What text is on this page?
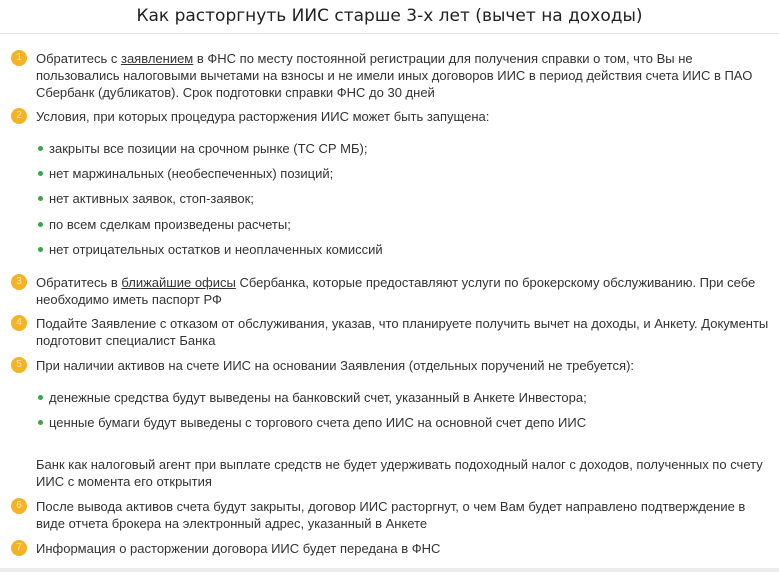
Как расторгнуть ИИС старше 3-х лет (вычет на доходы)
1	Обратитесь с заявлением в ФНС по месту постоянной регистрации для получения справки о том, что Вы не пользовались налоговыми вычетами на взносы и не имели иных договоров ИИС в период действия счета ИИС в ПАО Сбербанк (дубликатов). Срок подготовки справки ФНС до 30 дней
2	Условия, при которых процедура расторжения ИИС может быть запущена:
закрыты все позиции на срочном рынке (ТС СР МБ);
нет маржинальных (необеспеченных) позиций;
нет активных заявок, стоп-заявок;
по всем сделкам произведены расчеты;
нет отрицательных остатков и неоплаченных комиссий
3	Обратитесь в ближайшие офисы Сбербанка, которые предоставляют услуги по брокерскому обслуживанию. При себе необходимо иметь паспорт РФ
4	Подайте Заявление с отказом от обслуживания, указав, что планируете получить вычет на доходы, и Анкету. Документы подготовит специалист Банка
5	При наличии активов на счете ИИС на основании Заявления (отдельных поручений не требуется):
денежные средства будут выведены на банковский счет, указанный в Анкете Инвестора;
ценные бумаги будут выведены с торгового счета депо ИИС на основной счет депо ИИС
Банк как налоговый агент при выплате средств не будет удерживать подоходный налог с доходов, полученных по счету ИИС с момента его открытия
6	После вывода активов счета будут закрыты, договор ИИС расторгнут, о чем Вам будет направлено подтверждение в виде отчета брокера на электронный адрес, указанный в Анкете
7	Информация о расторжении договора ИИС будет передана в ФНС
